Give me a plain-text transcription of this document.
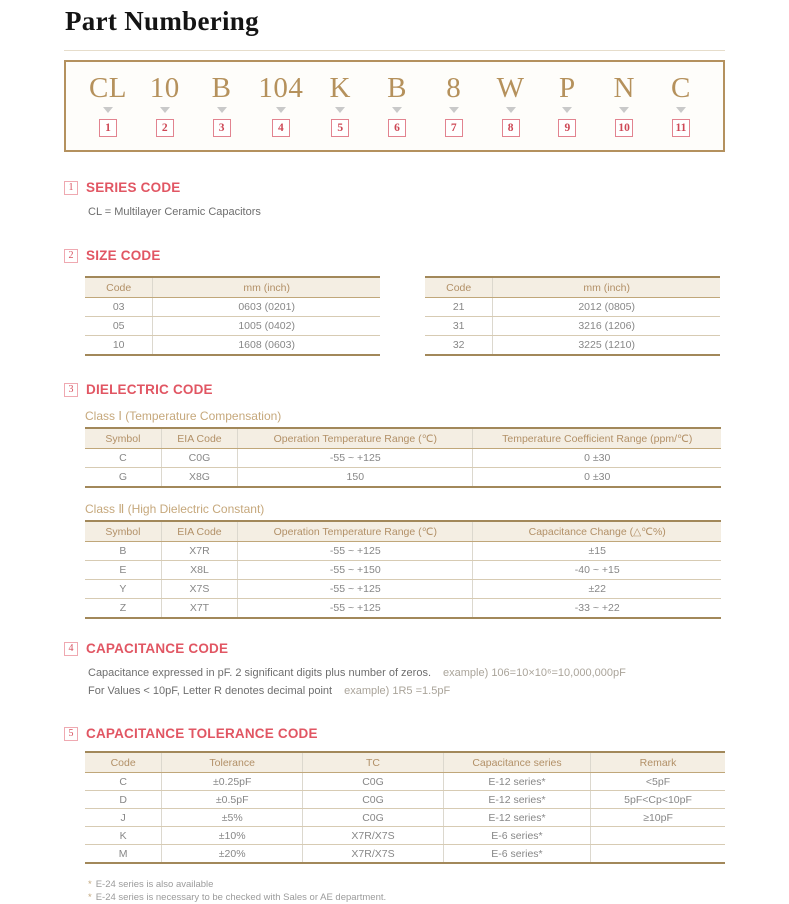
Part Numbering
CL
1
10
2
B
3
104
4
K
5
B
6
8
7
W
8
P
9
N
10
C
11
1 SERIES CODE
CL = Multilayer Ceramic Capacitors
2 SIZE CODE
Code	mm (inch)
03	0603 (0201)
05	1005 (0402)
10	1608 (0603)
Code	mm (inch)
21	2012 (0805)
31	3216 (1206)
32	3225 (1210)
3 DIELECTRIC CODE
Class Ⅰ (Temperature Compensation)
Symbol	EIA Code	Operation Temperature Range (℃)	Temperature Coefficient Range (ppm/℃)
C	C0G	-55 ~ +125	0 ±30
G	X8G	150	0 ±30
Class Ⅱ (High Dielectric Constant)
Symbol	EIA Code	Operation Temperature Range (℃)	Capacitance Change (△℃%)
B	X7R	-55 ~ +125	±15
E	X8L	-55 ~ +150	-40 ~ +15
Y	X7S	-55 ~ +125	±22
Z	X7T	-55 ~ +125	-33 ~ +22
4 CAPACITANCE CODE
Capacitance expressed in pF. 2 significant digits plus number of zeros. example) 106=10×10⁶=10,000,000pF
For Values < 10pF, Letter R denotes decimal point example) 1R5 =1.5pF
5 CAPACITANCE TOLERANCE CODE
Code	Tolerance	TC	Capacitance series	Remark
C	±0.25pF	C0G	E-12 series*	<5pF
D	±0.5pF	C0G	E-12 series*	5pF<Cp<10pF
J	±5%	C0G	E-12 series*	≥10pF
K	±10%	X7R/X7S	E-6 series*	
M	±20%	X7R/X7S	E-6 series*	
* E-24 series is also available
* E-24 series is necessary to be checked with Sales or AE department.
